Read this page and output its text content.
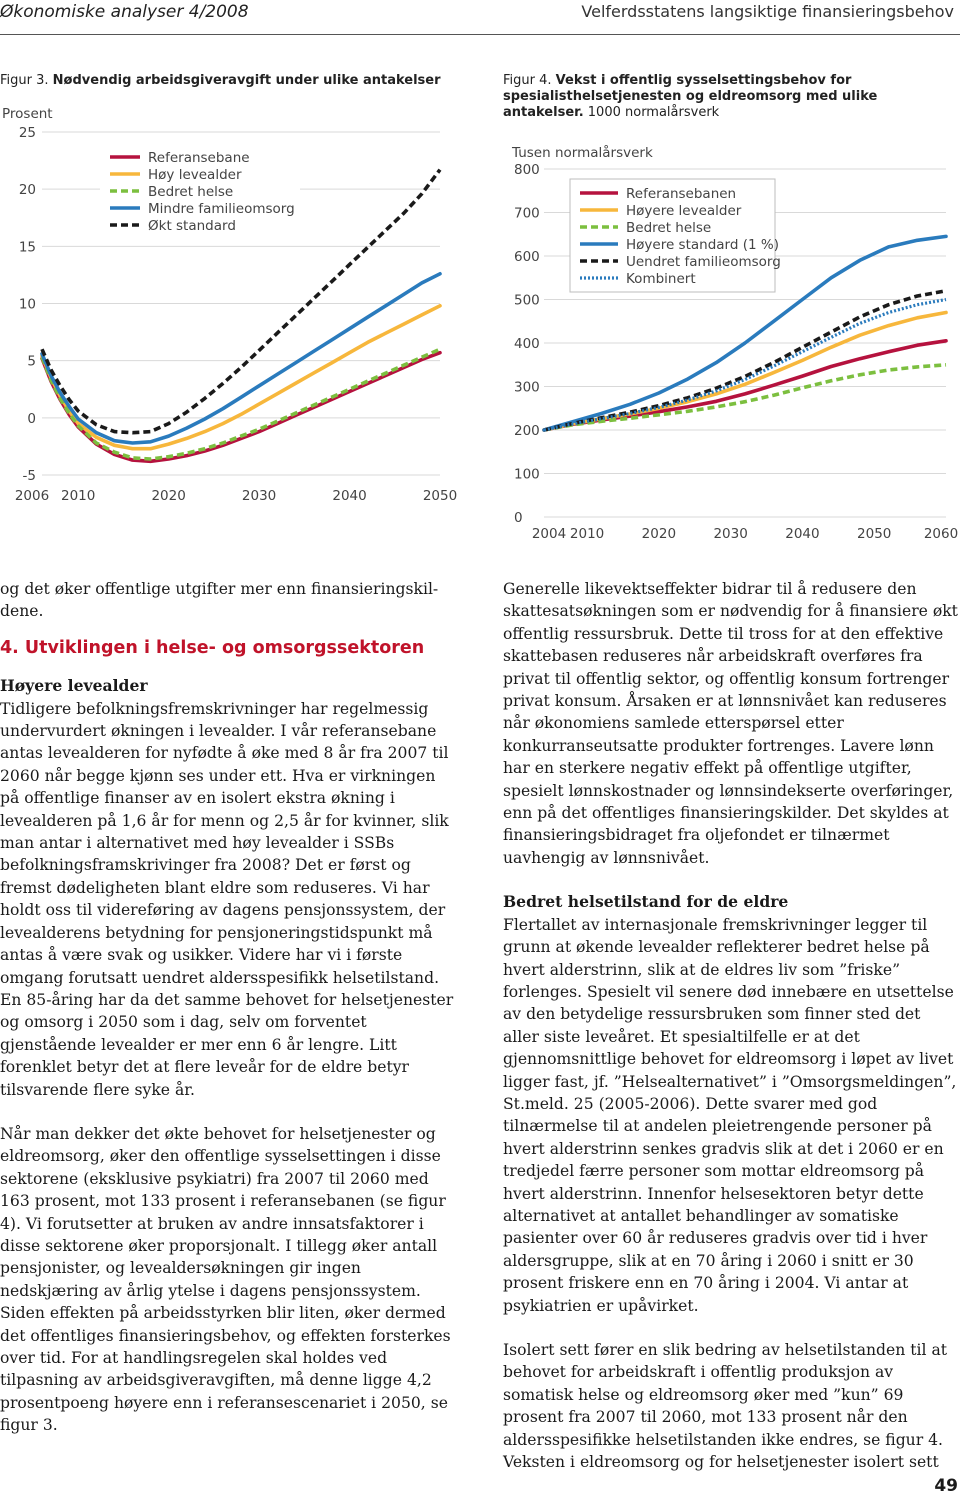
Økonomiske analyser 4/2008	Velferdsstatens langsiktige finansieringsbehov
Figur 3. Nødvendig arbeidsgiveravgift under ulike antakelser	Figur 4. Vekst i offentlig sysselsettingsbehov for spesialisthelsetjenesten og eldreomsorg med ulike antakelser. 1000 normalårsverk
Prosent
-5
0
5
10
15
20
25
2006 2010	2020	2030	2040	2050
Referansebane
Høy levealder
Bedret helse
Mindre familieomsorg
Økt standard
Tusen normalårsverk
0
100
200
300
400
500
600
700
800
2004 2010	2020	2030	2040	2050 2060
Referansebanen
Høyere levealder
Bedret helse
Høyere standard (1 %)
Uendret familieomsorg
Kombinert

og det øker offentlige utgifter mer enn finansieringskil-dene.

4. Utviklingen i helse- og omsorgssektoren
Høyere levealder

Tidligere befolkningsfremskrivninger har regelmessig undervurdert økningen i levealder. I vår referansebane antas levealderen for nyfødte å øke med 8 år fra 2007 til 2060 når begge kjønn ses under ett. Hva er virkningen på offentlige finanser av en isolert ekstra økning i levealderen på 1,6 år for menn og 2,5 år for kvinner, slik man antar i alternativet med høy levealder i SSBs befolkningsframskrivinger fra 2008? Det er først og fremst dødeligheten blant eldre som reduseres. Vi har holdt oss til videreføring av dagens pensjonssystem, der levealderens betydning for pensjoneringstidspunkt må antas å være svak og usikker. Videre har vi i første omgang forutsatt uendret aldersspesifikk helsetilstand. En 85-åring har da det samme behovet for helsetjenester og omsorg i 2050 som i dag, selv om forventet gjenstående levealder er mer enn 6 år lengre. Litt forenklet betyr det at flere leveår for de eldre betyr tilsvarende flere syke år.

Når man dekker det økte behovet for helsetjenester og eldreomsorg, øker den offentlige sysselsettingen i disse sektorene (eksklusive psykiatri) fra 2007 til 2060 med 163 prosent, mot 133 prosent i referansebanen (se figur 4). Vi forutsetter at bruken av andre innsatsfaktorer i disse sektorene øker proporsjonalt. I tillegg øker antall pensjonister, og levealdersøkningen gir ingen nedskjæring av årlig ytelse i dagens pensjonssystem. Siden effekten på arbeidsstyrken blir liten, øker dermed det offentliges finansieringsbehov, og effekten forsterkes over tid. For at handlingsregelen skal holdes ved tilpasning av arbeidsgiveravgiften, må denne ligge 4,2 prosentpoeng høyere enn i referansescenariet i 2050, se figur 3.

Generelle likevektseffekter bidrar til å redusere den skattesatsøkningen som er nødvendig for å finansiere økt offentlig ressursbruk. Dette til tross for at den effektive skattebasen reduseres når arbeidskraft overføres fra privat til offentlig sektor, og offentlig konsum fortrenger privat konsum. Årsaken er at lønnsnivået kan reduseres når økonomiens samlede etterspørsel etter konkurranseutsatte produkter fortrenges. Lavere lønn har en sterkere negativ effekt på offentlige utgifter, spesielt lønnskostnader og lønnsindekserte overføringer, enn på det offentliges finansieringskilder. Det skyldes at finansieringsbidraget fra oljefondet er tilnærmet uavhengig av lønnsnivået.

Bedret helsetilstand for de eldre

Flertallet av internasjonale fremskrivninger legger til grunn at økende levealder reflekterer bedret helse på hvert alderstrinn, slik at de eldres liv som ”friske” forlenges. Spesielt vil senere død innebære en utsettelse av den betydelige ressursbruken som finner sted det aller siste leveåret. Et spesialtilfelle er at det gjennomsnittlige behovet for eldreomsorg i løpet av livet ligger fast, jf. ”Helsealternativet” i ”Omsorgsmeldingen”, St.meld. 25 (2005-2006). Dette svarer med god tilnærmelse til at andelen pleietrengende personer på hvert alderstrinn senkes gradvis slik at det i 2060 er en tredjedel færre personer som mottar eldreomsorg på hvert alderstrinn. Innenfor helsesektoren betyr dette alternativet at antallet behandlinger av somatiske pasienter over 60 år reduseres gradvis over tid i hver aldersgruppe, slik at en 70 åring i 2060 i snitt er 30 prosent friskere enn en 70 åring i 2004. Vi antar at psykiatrien er upåvirket.

Isolert sett fører en slik bedring av helsetilstanden til at behovet for arbeidskraft i offentlig produksjon av somatisk helse og eldreomsorg øker med ”kun” 69 prosent fra 2007 til 2060, mot 133 prosent når den aldersspesifikke helsetilstanden ikke endres, se figur 4. Veksten i eldreomsorg og for helsetjenester isolert sett

49
